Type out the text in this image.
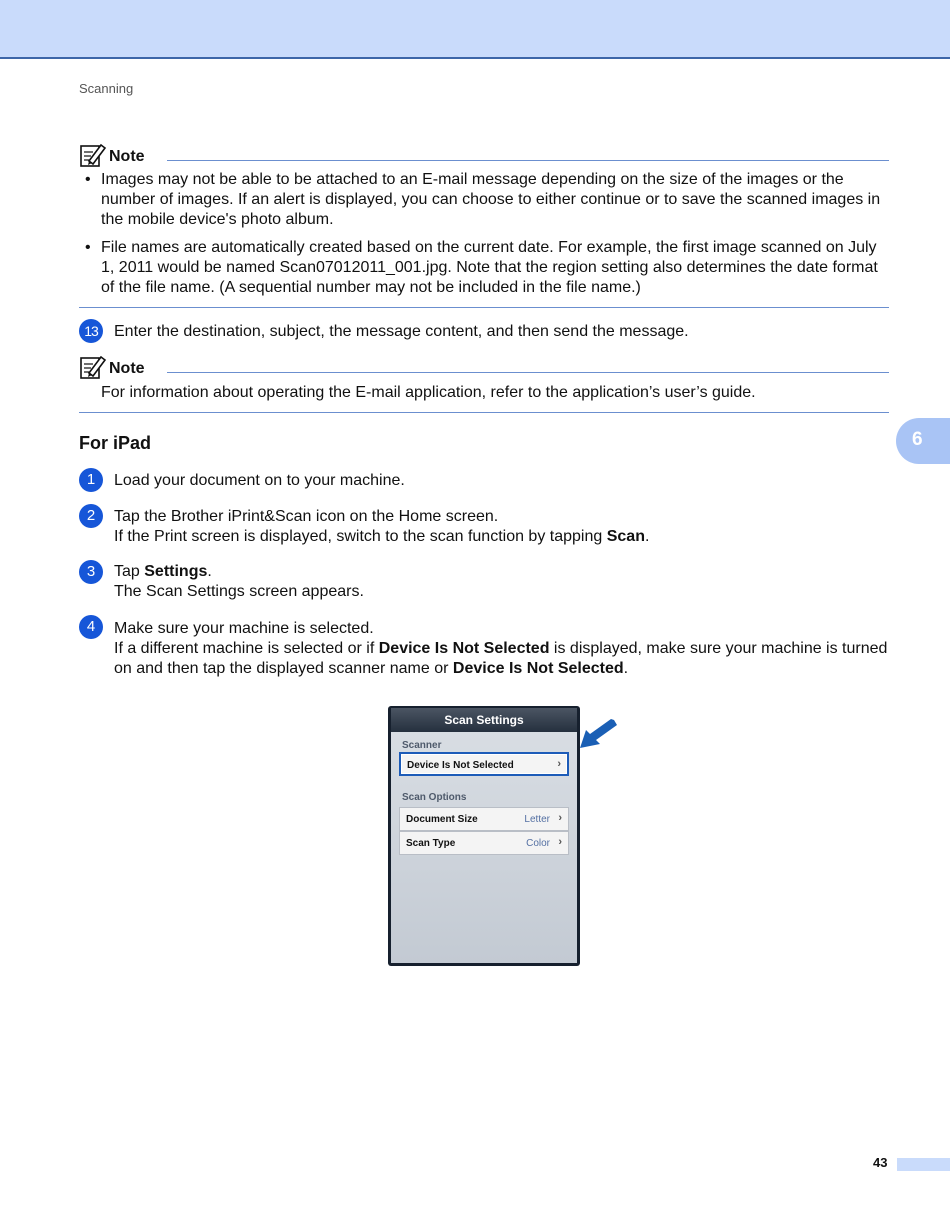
Scanning
Note
• Images may not be able to be attached to an E-mail message depending on the size of the images or the number of images. If an alert is displayed, you can choose to either continue or to save the scanned images in the mobile device's photo album.
• File names are automatically created based on the current date. For example, the first image scanned on July 1, 2011 would be named Scan07012011_001.jpg. Note that the region setting also determines the date format of the file name. (A sequential number may not be included in the file name.)
13	Enter the destination, subject, the message content, and then send the message.
Note
For information about operating the E-mail application, refer to the application’s user’s guide.
6
For iPad
1	Load your document on to your machine.
2	Tap the Brother iPrint&Scan icon on the Home screen.
If the Print screen is displayed, switch to the scan function by tapping Scan.
3	Tap Settings.
The Scan Settings screen appears.
4	Make sure your machine is selected.
If a different machine is selected or if Device Is Not Selected is displayed, make sure your machine is turned on and then tap the displayed scanner name or Device Is Not Selected.
Scan Settings
Scanner
Device Is Not Selected	›
Scan Options
Document Size	Letter ›
Scan Type	Color ›
43
